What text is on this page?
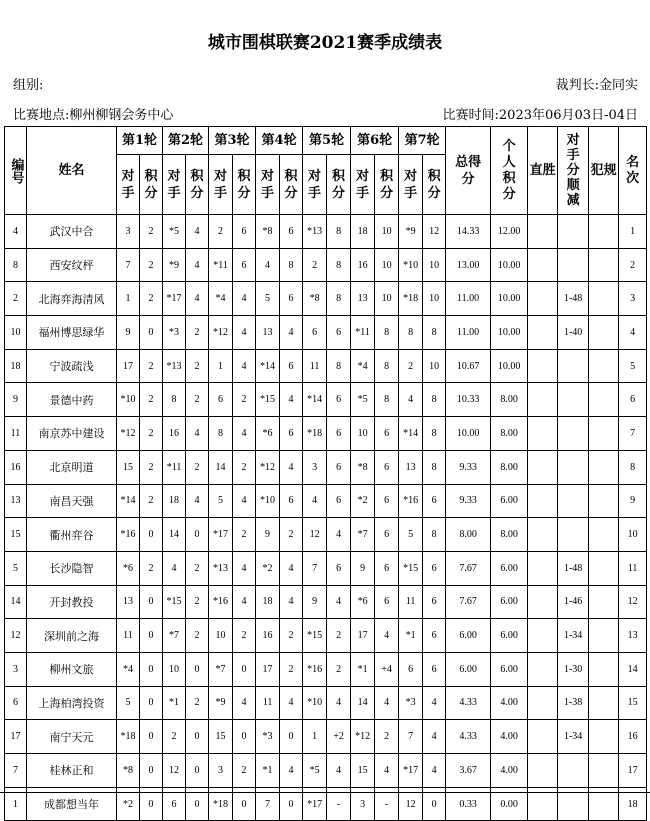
城市围棋联赛2021赛季成绩表
组别:	裁判长:金同实
比赛地点:柳州柳钢会务中心	比赛时间:2023年06月03日-04日
编号	姓名	第1轮		第2轮		第3轮		第4轮		第5轮		第6轮		第7轮		总得分	个人积分	直胜	对手分顺减	犯规	名次

		对手	积分	对手	积分	对手	积分	对手	积分	对手	积分	对手	积分	对手	积分						

4	武汉中合	3	2	*5	4	2	6	*8	6	*13	8	18	10	*9	12	14.33	12.00				1
8	西安纹枰	7	2	*9	4	*11	6	4	8	2	8	16	10	*10	10	13.00	10.00				2
2	北海弈海清风	1	2	*17	4	*4	4	5	6	*8	8	13	10	*18	10	11.00	10.00		1-48		3
10	福州博思绿华	9	0	*3	2	*12	4	13	4	6	6	*11	8	8	8	11.00	10.00		1-40		4
18	宁波疏浅	17	2	*13	2	1	4	*14	6	11	8	*4	8	2	10	10.67	10.00				5
9	景德中药	*10	2	8	2	6	2	*15	4	*14	6	*5	8	4	8	10.33	8.00				6
11	南京苏中建设	*12	2	16	4	8	4	*6	6	*18	6	10	6	*14	8	10.00	8.00				7
16	北京明道	15	2	*11	2	14	2	*12	4	3	6	*8	6	13	8	9.33	8.00				8
13	南昌天强	*14	2	18	4	5	4	*10	6	4	6	*2	6	*16	6	9.33	6.00				9
15	衢州弈谷	*16	0	14	0	*17	2	9	2	12	4	*7	6	5	8	8.00	8.00				10
5	长沙隐智	*6	2	4	2	*13	4	*2	4	7	6	9	6	*15	6	7.67	6.00		1-48		11
14	开封教投	13	0	*15	2	*16	4	18	4	9	4	*6	6	11	6	7.67	6.00		1-46		12
12	深圳前之海	11	0	*7	2	10	2	16	2	*15	2	17	4	*1	6	6.00	6.00		1-34		13
3	柳州文旅	*4	0	10	0	*7	0	17	2	*16	2	*1	+4	6	6	6.00	6.00		1-30		14
6	上海柏湾投资	5	0	*1	2	*9	4	11	4	*10	4	14	4	*3	4	4.33	4.00		1-38		15
17	南宁天元	*18	0	2	0	15	0	*3	0	1	+2	*12	2	7	4	4.33	4.00		1-34		16
7	桂林正和	*8	0	12	0	3	2	*1	4	*5	4	15	4	*17	4	3.67	4.00				17
1	成都想当年	*2	0	6	0	*18	0	7	0	*17	-	3	-	12	0	0.33	0.00				18
